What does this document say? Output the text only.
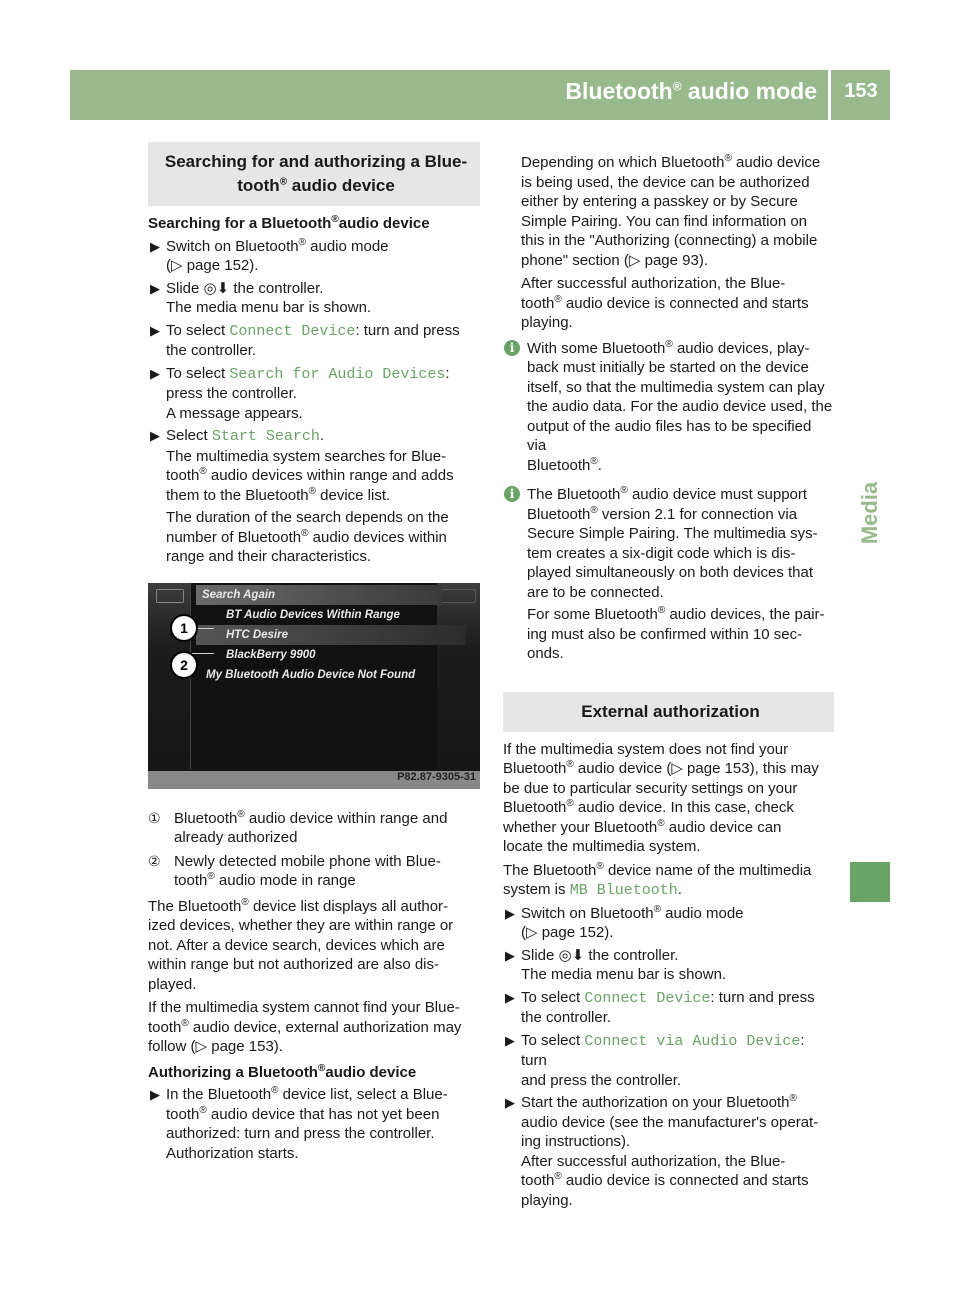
Bluetooth® audio mode	153
Media
Searching for and authorizing a Blue-
tooth® audio device

Searching for a Bluetooth®audio device

▶ Switch on Bluetooth® audio mode
(▷ page 152).
▶ Slide ◎⬇ the controller.
The media menu bar is shown.
▶ To select Connect Device: turn and press
the controller.
▶ To select Search for Audio Devices:
press the controller.
A message appears.
▶ Select Start Search.
The multimedia system searches for Blue-
tooth® audio devices within range and adds
them to the Bluetooth® device list.

The duration of the search depends on the
number of Bluetooth® audio devices within
range and their characteristics.

Search Again
BT Audio Devices Within Range
HTC Desire
BlackBerry 9900
My Bluetooth Audio Device Not Found
1
2
P82.87-9305-31
① Bluetooth® audio device within range and
already authorized
② Newly detected mobile phone with Blue-
tooth® audio mode in range

The Bluetooth® device list displays all author-
ized devices, whether they are within range or
not. After a device search, devices which are
within range but not authorized are also dis-
played.

If the multimedia system cannot find your Blue-
tooth® audio device, external authorization may
follow (▷ page 153).

Authorizing a Bluetooth®audio device

▶ In the Bluetooth® device list, select a Blue-
tooth® audio device that has not yet been
authorized: turn and press the controller.
Authorization starts.

Depending on which Bluetooth® audio device
is being used, the device can be authorized
either by entering a passkey or by Secure
Simple Pairing. You can find information on
this in the "Authorizing (connecting) a mobile
phone" section (▷ page 93).

After successful authorization, the Blue-
tooth® audio device is connected and starts
playing.

i With some Bluetooth® audio devices, play-
back must initially be started on the device
itself, so that the multimedia system can play
the audio data. For the audio device used, the
output of the audio files has to be specified via
Bluetooth®.
i The Bluetooth® audio device must support
Bluetooth® version 2.1 for connection via
Secure Simple Pairing. The multimedia sys-
tem creates a six-digit code which is dis-
played simultaneously on both devices that
are to be connected.

For some Bluetooth® audio devices, the pair-
ing must also be confirmed within 10 sec-
onds.

External authorization

If the multimedia system does not find your
Bluetooth® audio device (▷ page 153), this may
be due to particular security settings on your
Bluetooth® audio device. In this case, check
whether your Bluetooth® audio device can
locate the multimedia system.

The Bluetooth® device name of the multimedia
system is MB Bluetooth.

▶ Switch on Bluetooth® audio mode
(▷ page 152).
▶ Slide ◎⬇ the controller.
The media menu bar is shown.
▶ To select Connect Device: turn and press
the controller.
▶ To select Connect via Audio Device: turn
and press the controller.
▶ Start the authorization on your Bluetooth®
audio device (see the manufacturer's operat-
ing instructions).
After successful authorization, the Blue-
tooth® audio device is connected and starts
playing.
